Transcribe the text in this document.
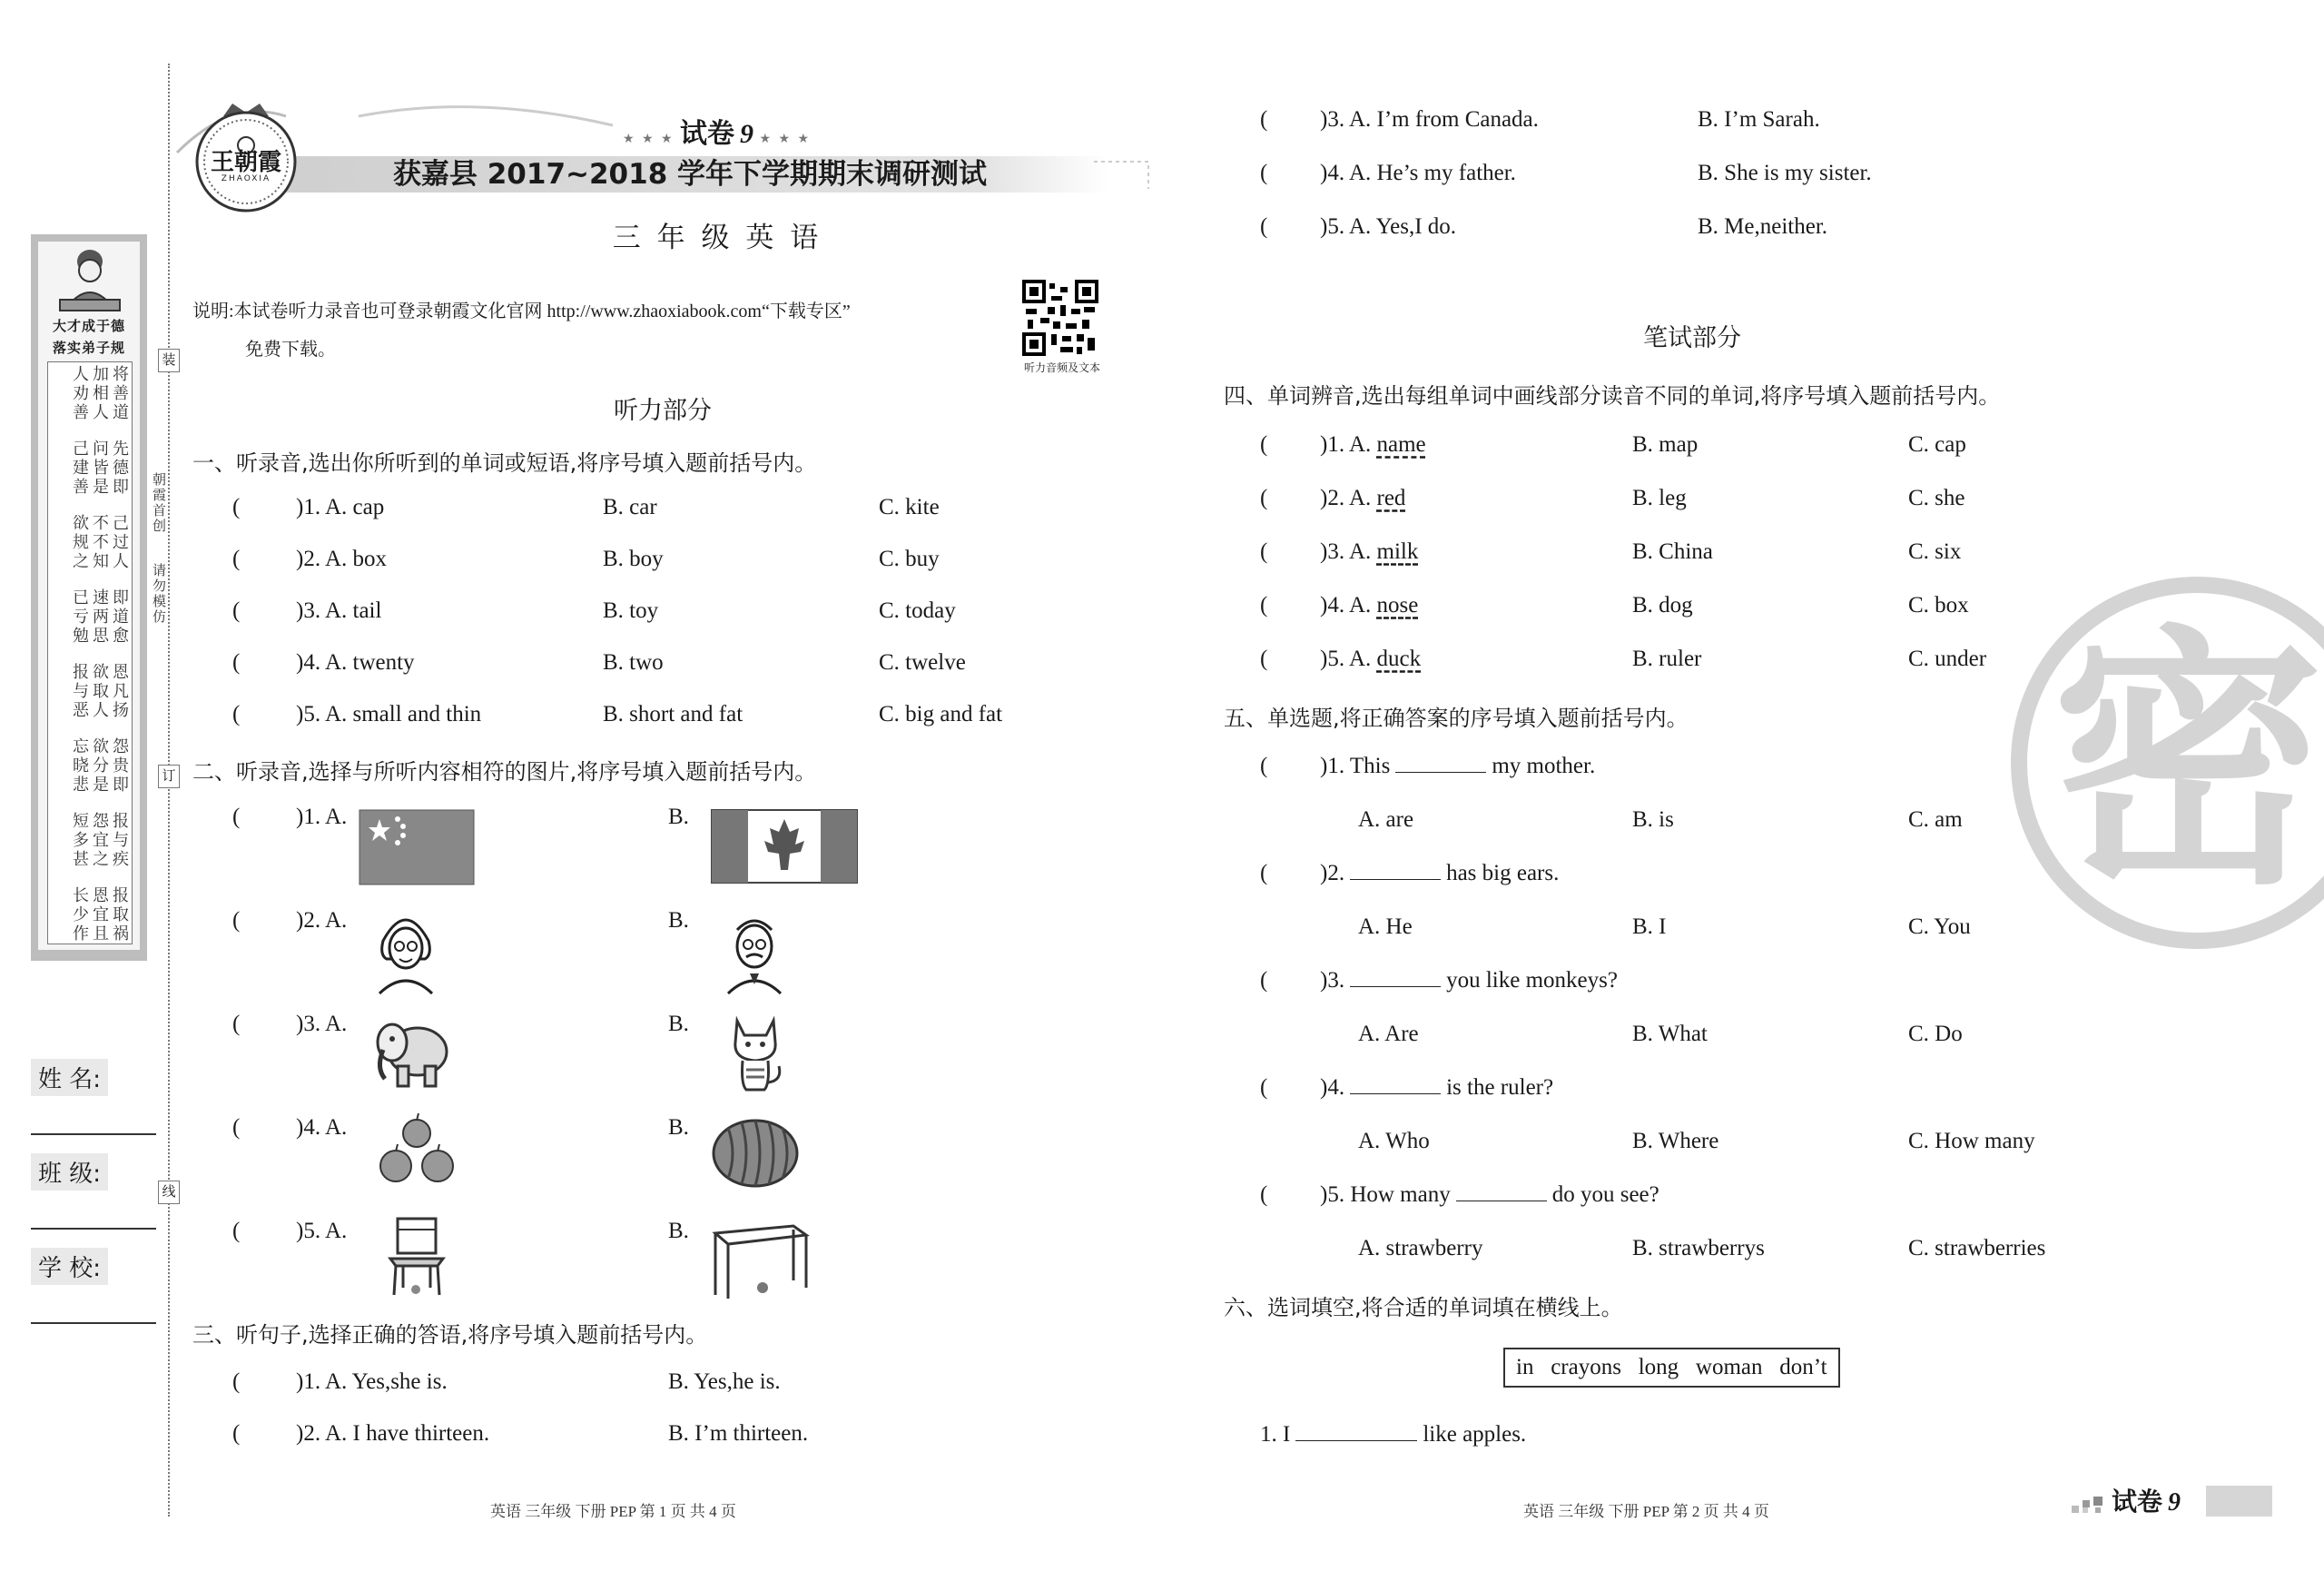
大才成于德
落实弟子规
将善道加相人人劝善
先德即问皆是己建善
己过人不不知欲规之
即道愈速两思已亏勉
恩凡扬欲取人报与恶
怨贵即欲分是忘晓悲
报与疾怨宜之短多甚
报取祸恩宜且长少作
装
订
线
朝霞首创
请勿模仿
姓 名:
班 级:
学 校:
王朝霞
ZHAOXIA
★ ★ ★ 试卷 9 ★ ★ ★
获嘉县 2017~2018 学年下学期期末调研测试
三 年 级 英 语
说明:本试卷听力录音也可登录朝霞文化官网 http://www.zhaoxiabook.com“下载专区”
免费下载。
听力音频及文本
听力部分
一、听录音,选出你所听到的单词或短语,将序号填入题前括号内。
( )1. A. cap	B. car	C. kite
( )2. A. box	B. boy	C. buy
( )3. A. tail	B. toy	C. today
( )4. A. twenty	B. two	C. twelve
( )5. A. small and thin	B. short and fat	C. big and fat
二、听录音,选择与所听内容相符的图片,将序号填入题前括号内。
( )1. A.	B.
( )2. A.	B.
( )3. A.	B.
( )4. A.	B.
( )5. A.	B.
三、听句子,选择正确的答语,将序号填入题前括号内。
( )1. A. Yes,she is.	B. Yes,he is.
( )2. A. I have thirteen.	B. I’m thirteen.
英语 三年级 下册 PEP 第 1 页 共 4 页
( )3. A. I’m from Canada.	B. I’m Sarah.
( )4. A. He’s my father.	B. She is my sister.
( )5. A. Yes,I do.	B. Me,neither.
密
笔试部分
四、单词辨音,选出每组单词中画线部分读音不同的单词,将序号填入题前括号内。
( )1. A. name	B. map	C. cap
( )2. A. red	B. leg	C. she
( )3. A. milk	B. China	C. six
( )4. A. nose	B. dog	C. box
( )5. A. duck	B. ruler	C. under
五、单选题,将正确答案的序号填入题前括号内。
( )1. This	my mother.
A. are	B. is	C. am
( )2.	has big ears.
A. He	B. I	C. You
( )3.	you like monkeys?
A. Are	B. What	C. Do
( )4.	is the ruler?
A. Who	B. Where	C. How many
( )5. How many	do you see?
A. strawberry	B. strawberrys	C. strawberries
六、选词填空,将合适的单词填在横线上。
in   crayons   long   woman   don’t
1. I	like apples.
英语 三年级 下册 PEP 第 2 页 共 4 页	试卷 9
